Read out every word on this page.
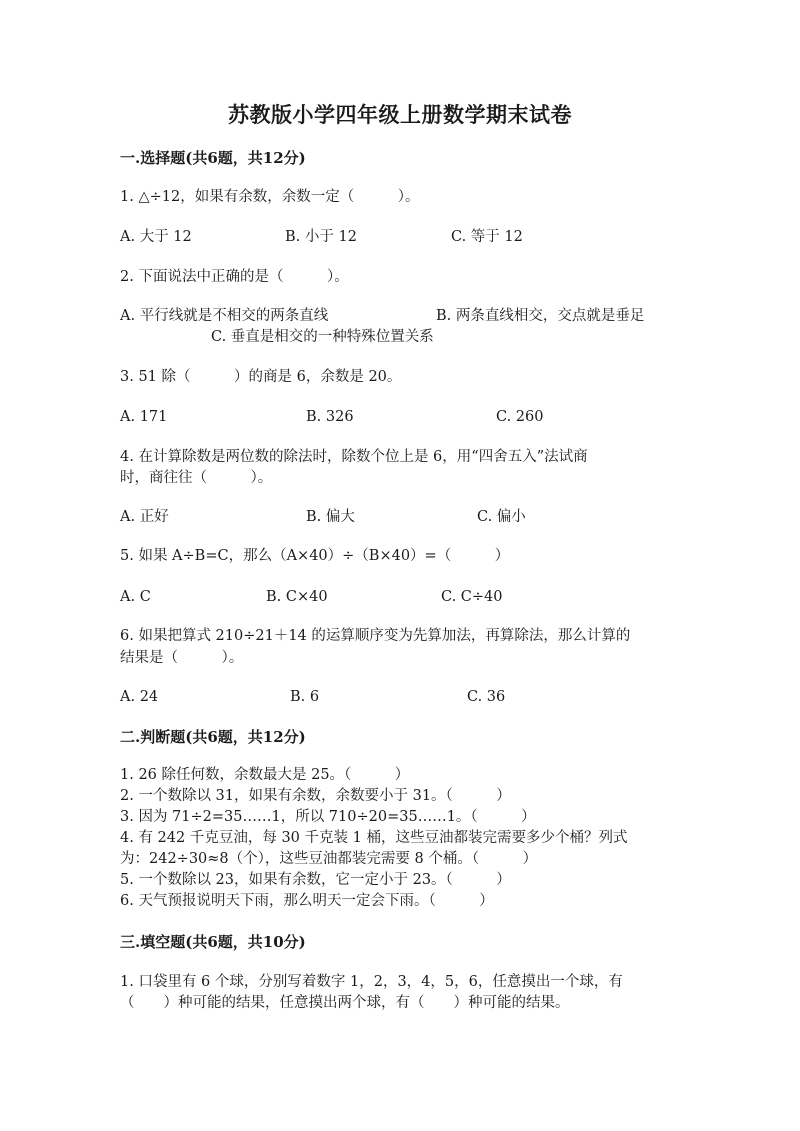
苏教版小学四年级上册数学期末试卷
一.选择题(共6题，共12分)
1. △÷12，如果有余数，余数一定（　　　）。
A. 大于 12	B. 小于 12	C. 等于 12
2. 下面说法中正确的是（　　　）。
A. 平行线就是不相交的两条直线	B. 两条直线相交，交点就是垂足
C. 垂直是相交的一种特殊位置关系
3. 51 除（　　　）的商是 6，余数是 20。
A. 171	B. 326	C. 260
4. 在计算除数是两位数的除法时，除数个位上是 6，用“四舍五入”法试商
时，商往往（　　　）。
A. 正好	B. 偏大	C. 偏小
5. 如果 A÷B=C，那么（A×40）÷（B×40）=（　　　）
A. C	B. C×40	C. C÷40
6. 如果把算式 210÷21＋14 的运算顺序变为先算加法，再算除法，那么计算的
结果是（　　　）。
A. 24	B. 6	C. 36
二.判断题(共6题，共12分)
1. 26 除任何数，余数最大是 25。（　　　）
2. 一个数除以 31，如果有余数，余数要小于 31。（　　　）
3. 因为 71÷2=35……1，所以 710÷20=35……1。（　　　）
4. 有 242 千克豆油，每 30 千克装 1 桶，这些豆油都装完需要多少个桶？列式
为：242÷30≈8（个），这些豆油都装完需要 8 个桶。（　　　）
5. 一个数除以 23，如果有余数，它一定小于 23。（　　　）
6. 天气预报说明天下雨，那么明天一定会下雨。（　　　）
三.填空题(共6题，共10分)
1. 口袋里有 6 个球，分别写着数字 1，2，3，4，5，6，任意摸出一个球，有
（　　）种可能的结果，任意摸出两个球，有（　　）种可能的结果。
